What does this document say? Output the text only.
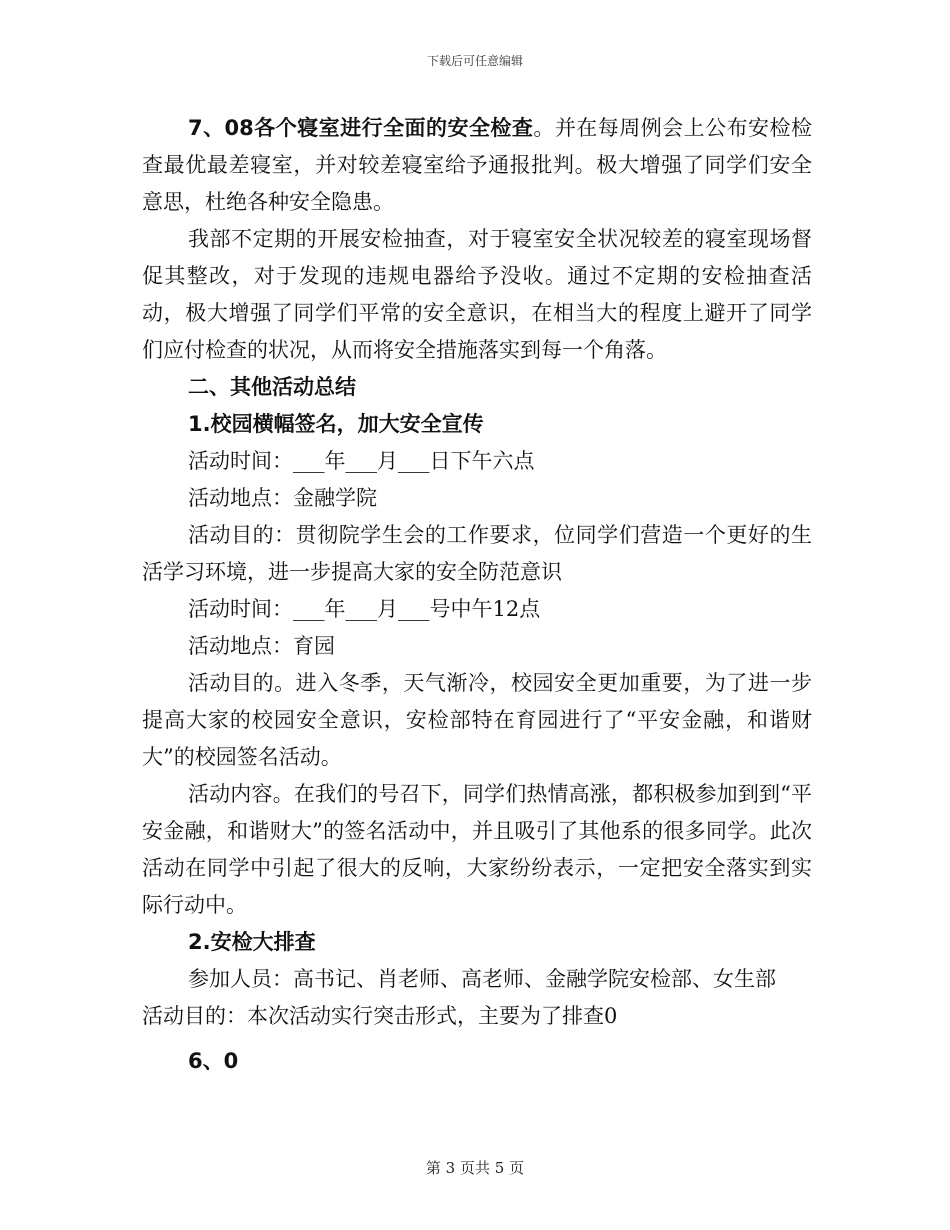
下载后可任意编辑

7、08各个寝室进行全面的安全检查。并在每周例会上公布安检检查最优最差寝室，并对较差寝室给予通报批判。极大增强了同学们安全意思，杜绝各种安全隐患。

我部不定期的开展安检抽查，对于寝室安全状况较差的寝室现场督促其整改，对于发现的违规电器给予没收。通过不定期的安检抽查活动，极大增强了同学们平常的安全意识，在相当大的程度上避开了同学们应付检查的状况，从而将安全措施落实到每一个角落。

二、其他活动总结

1.校园横幅签名，加大安全宣传

活动时间：___年___月___日下午六点

活动地点：金融学院

活动目的：贯彻院学生会的工作要求，位同学们营造一个更好的生活学习环境，进一步提高大家的安全防范意识

活动时间：___年___月___号中午12点

活动地点：育园

活动目的。进入冬季，天气渐冷，校园安全更加重要，为了进一步提高大家的校园安全意识，安检部特在育园进行了“平安金融，和谐财大”的校园签名活动。

活动内容。在我们的号召下，同学们热情高涨，都积极参加到到“平安金融，和谐财大”的签名活动中，并且吸引了其他系的很多同学。此次活动在同学中引起了很大的反响，大家纷纷表示，一定把安全落实到实际行动中。

2.安检大排查

参加人员：高书记、肖老师、高老师、金融学院安检部、女生部

活动目的：本次活动实行突击形式，主要为了排查0

6、0

第 3 页共 5 页
